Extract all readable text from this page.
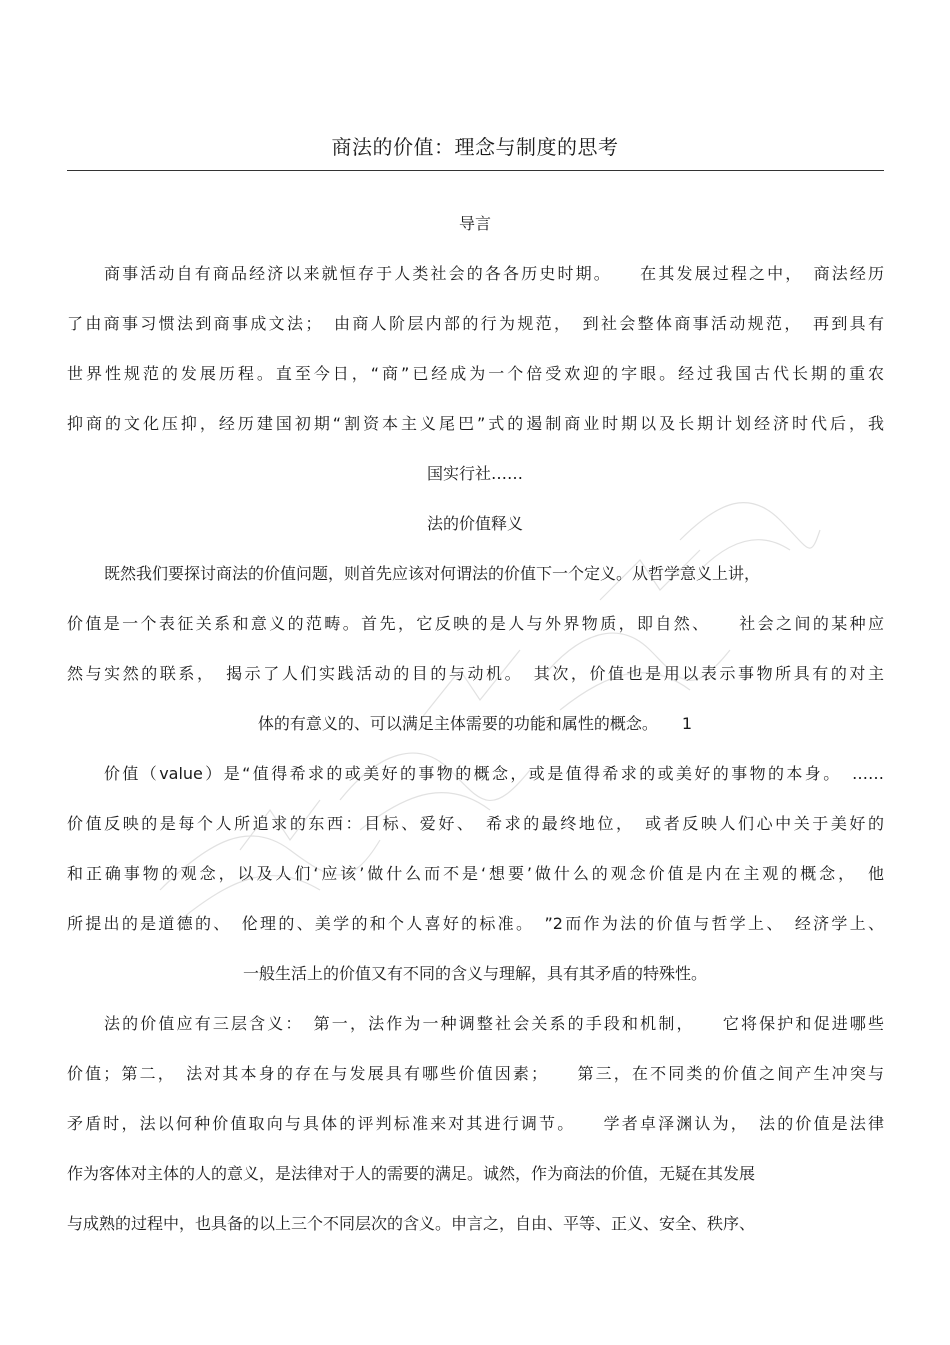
商法的价值：理念与制度的思考
导言
商事活动自有商品经济以来就恒存于人类社会的各各历史时期。　　在其发展过程之中，　商法经历
了由商事习惯法到商事成文法；　由商人阶层内部的行为规范，　到社会整体商事活动规范，　再到具有
世界性规范的发展历程。直至今日，“商”已经成为一个倍受欢迎的字眼。经过我国古代长期的重农
抑商的文化压抑，经历建国初期“割资本主义尾巴”式的遏制商业时期以及长期计划经济时代后，我
国实行社……
法的价值释义
既然我们要探讨商法的价值问题，则首先应该对何谓法的价值下一个定义。从哲学意义上讲，
价值是一个表征关系和意义的范畴。首先，它反映的是人与外界物质，即自然、　　社会之间的某种应
然与实然的联系，　揭示了人们实践活动的目的与动机。　其次，价值也是用以表示事物所具有的对主
体的有意义的、可以满足主体需要的功能和属性的概念。　　1
价值（value）是“值得希求的或美好的事物的概念，或是值得希求的或美好的事物的本身。　……
价值反映的是每个人所追求的东西：目标、爱好、　希求的最终地位，　或者反映人们心中关于美好的
和正确事物的观念，以及人们‘应该’做什么而不是‘想要’做什么的观念价值是内在主观的概念，　他
所提出的是道德的、　伦理的、美学的和个人喜好的标准。　”2而作为法的价值与哲学上、　经济学上、
一般生活上的价值又有不同的含义与理解，具有其矛盾的特殊性。
法的价值应有三层含义：　第一，法作为一种调整社会关系的手段和机制，　　它将保护和促进哪些
价值；第二，　法对其本身的存在与发展具有哪些价值因素；　　第三，在不同类的价值之间产生冲突与
矛盾时，法以何种价值取向与具体的评判标准来对其进行调节。　　学者卓泽渊认为，　法的价值是法律
作为客体对主体的人的意义，是法律对于人的需要的满足。诚然，作为商法的价值，无疑在其发展
与成熟的过程中，也具备的以上三个不同层次的含义。申言之，自由、平等、正义、安全、秩序、
